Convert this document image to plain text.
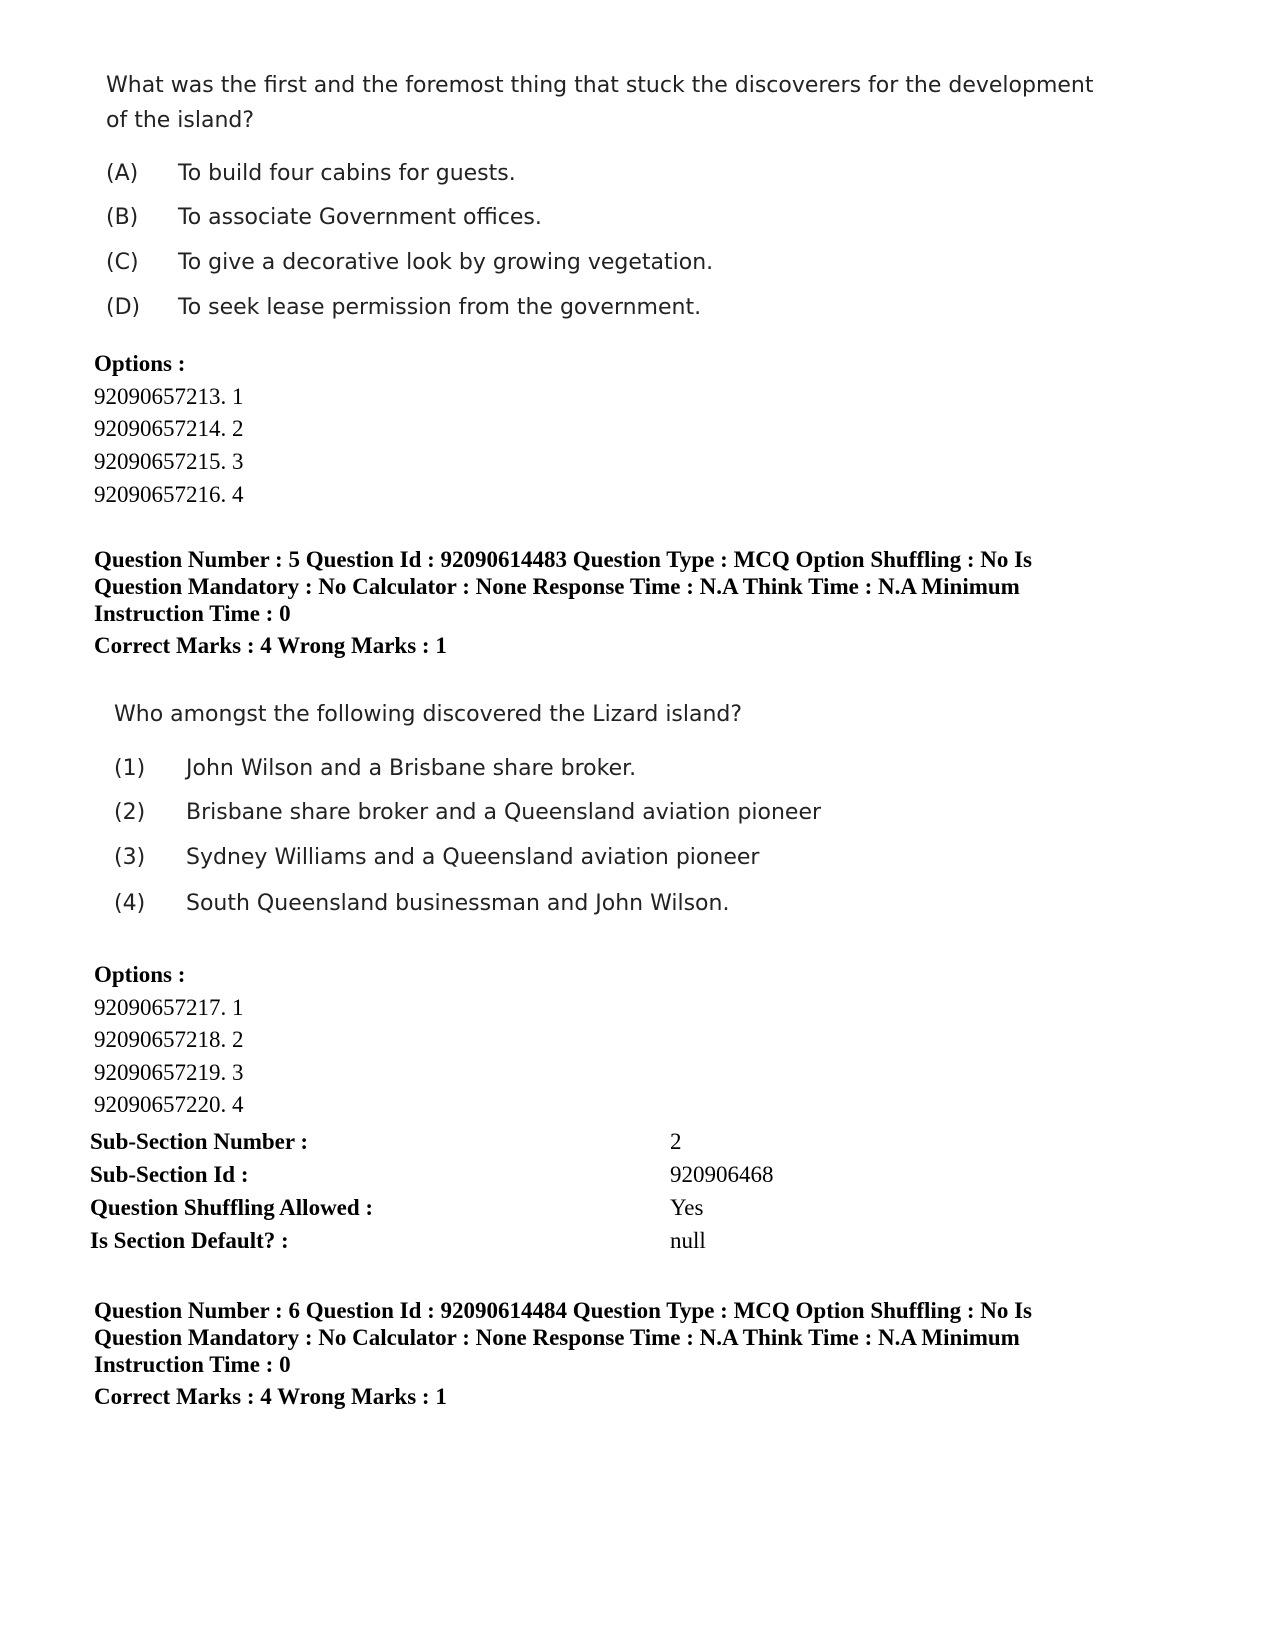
What was the first and the foremost thing that stuck the discoverers for the development
of the island?

(A) To build four cabins for guests.
(B) To associate Government offices.
(C) To give a decorative look by growing vegetation.
(D) To seek lease permission from the government.
Options :
92090657213. 1
92090657214. 2
92090657215. 3
92090657216. 4
Question Number : 5 Question Id : 92090614483 Question Type : MCQ Option Shuffling : No Is
Question Mandatory : No Calculator : None Response Time : N.A Think Time : N.A Minimum
Instruction Time : 0
Correct Marks : 4 Wrong Marks : 1
Who amongst the following discovered the Lizard island?
(1) John Wilson and a Brisbane share broker.
(2) Brisbane share broker and a Queensland aviation pioneer
(3) Sydney Williams and a Queensland aviation pioneer
(4) South Queensland businessman and John Wilson.
Options :
92090657217. 1
92090657218. 2
92090657219. 3
92090657220. 4
Sub-Section Number :	2
Sub-Section Id :	920906468
Question Shuffling Allowed :	Yes
Is Section Default? :	null
Question Number : 6 Question Id : 92090614484 Question Type : MCQ Option Shuffling : No Is
Question Mandatory : No Calculator : None Response Time : N.A Think Time : N.A Minimum
Instruction Time : 0
Correct Marks : 4 Wrong Marks : 1
